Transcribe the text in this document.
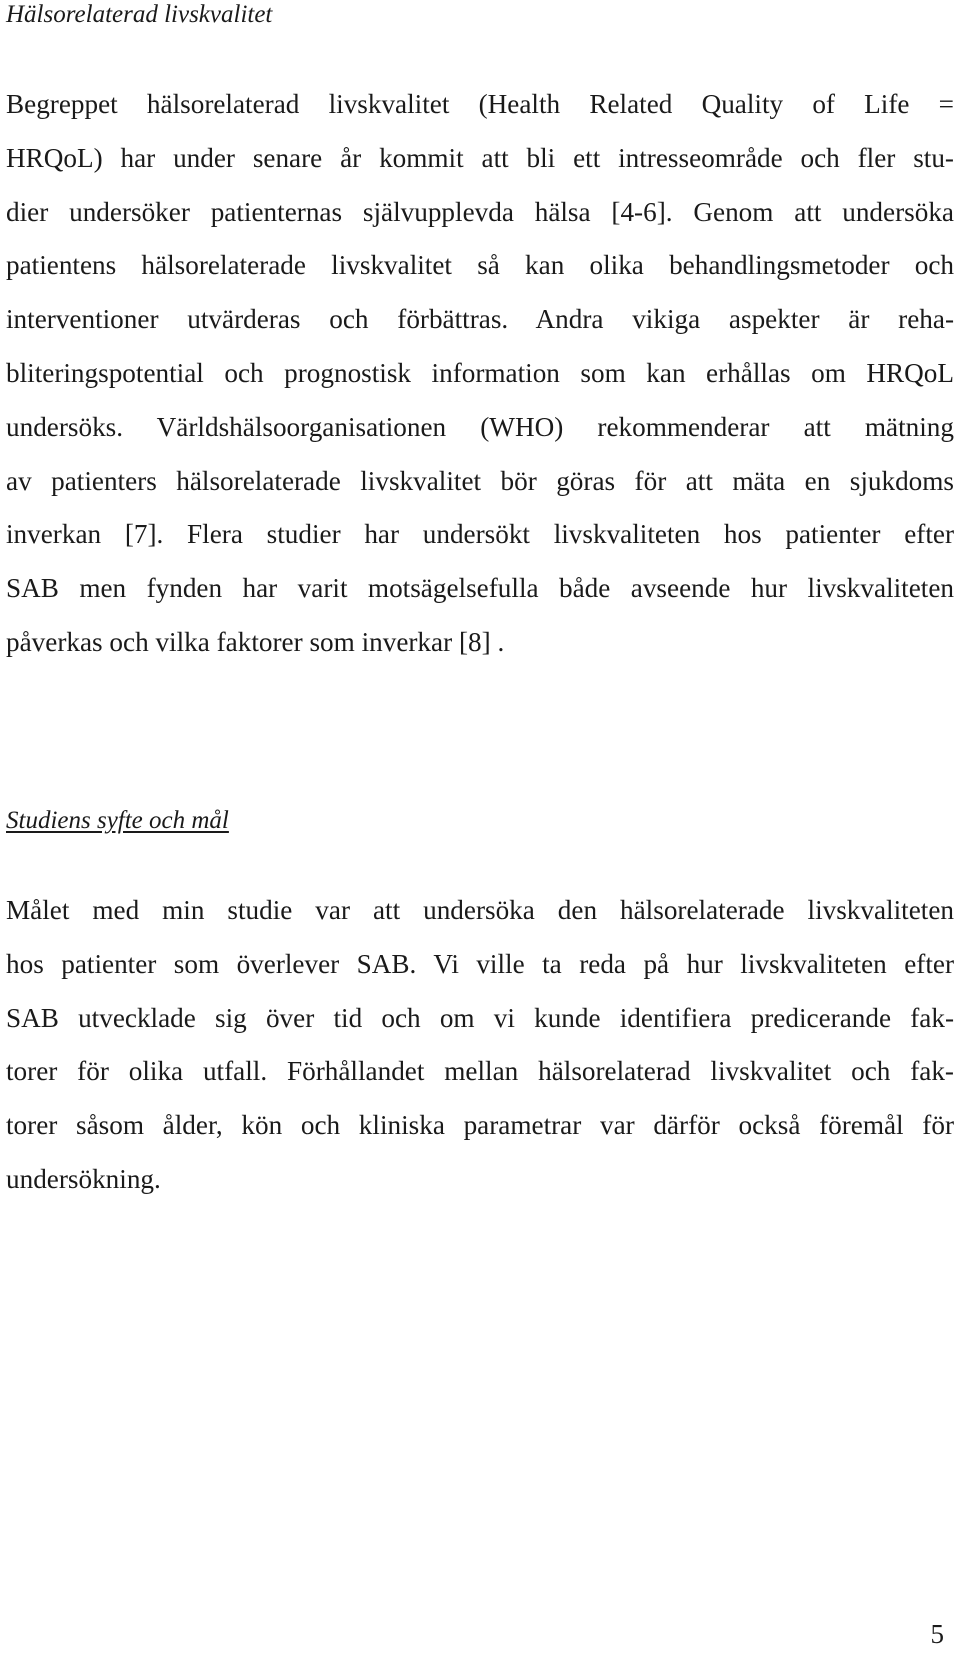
Hälsorelaterad livskvalitet
Begreppet hälsorelaterad livskvalitet (Health Related Quality of Life =
HRQoL) har under senare år kommit att bli ett intresseområde och fler stu-
dier undersöker patienternas självupplevda hälsa [4-6]. Genom att undersöka
patientens hälsorelaterade livskvalitet så kan olika behandlingsmetoder och
interventioner utvärderas och förbättras. Andra vikiga aspekter är reha-
bliteringspotential och prognostisk information som kan erhållas om HRQoL
undersöks. Världshälsoorganisationen (WHO) rekommenderar att mätning
av patienters hälsorelaterade livskvalitet bör göras för att mäta en sjukdoms
inverkan [7]. Flera studier har undersökt livskvaliteten hos patienter efter
SAB men fynden har varit motsägelsefulla både avseende hur livskvaliteten
påverkas och vilka faktorer som inverkar [8] .
Studiens syfte och mål
Målet med min studie var att undersöka den hälsorelaterade livskvaliteten
hos patienter som överlever SAB. Vi ville ta reda på hur livskvaliteten efter
SAB utvecklade sig över tid och om vi kunde identifiera predicerande fak-
torer för olika utfall. Förhållandet mellan hälsorelaterad livskvalitet och fak-
torer såsom ålder, kön och kliniska parametrar var därför också föremål för
undersökning.
5
